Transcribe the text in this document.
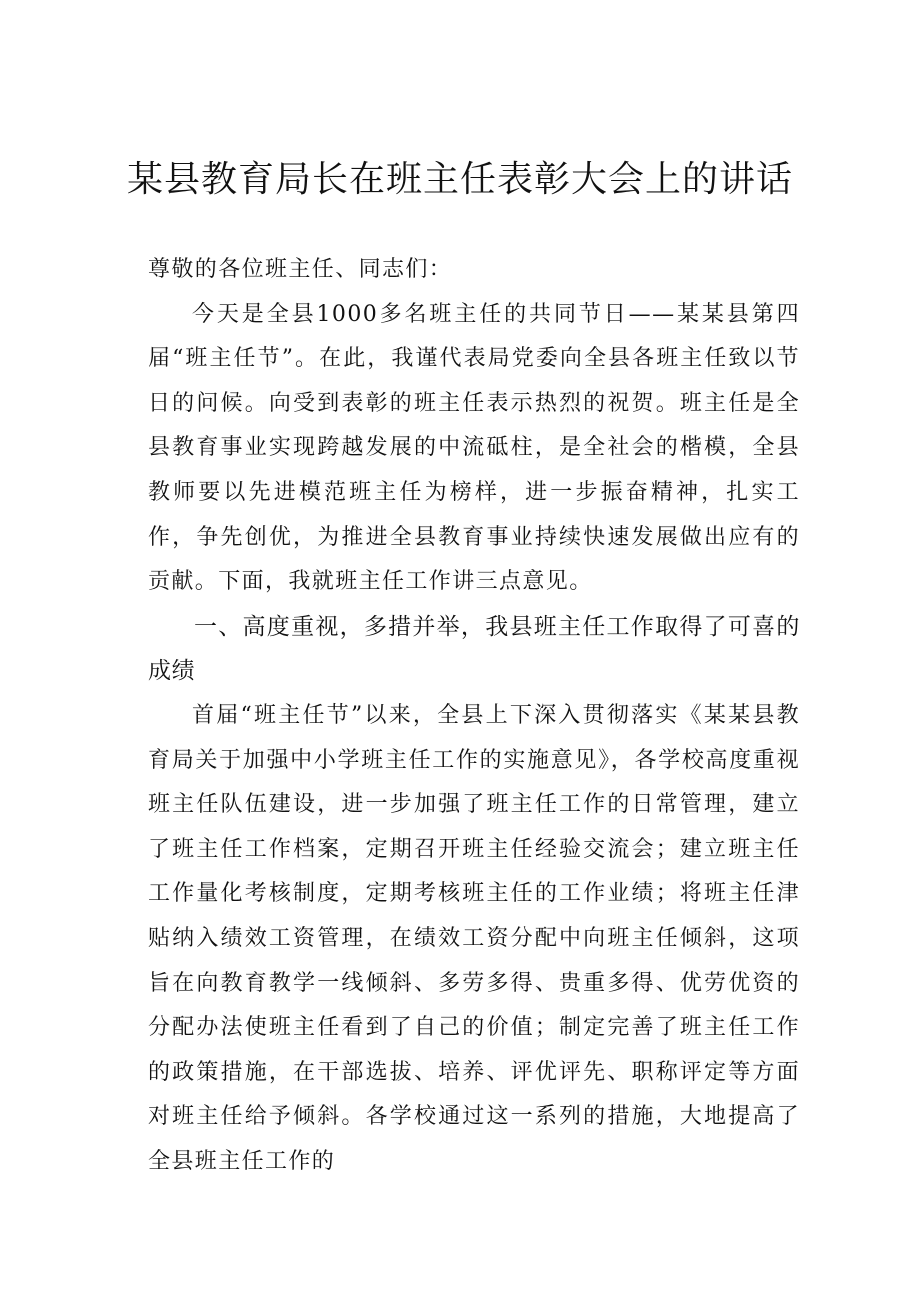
某县教育局长在班主任表彰大会上的讲话

尊敬的各位班主任、同志们：

今天是全县1000多名班主任的共同节日——某某县第四届“班主任节”。在此，我谨代表局党委向全县各班主任致以节日的问候。向受到表彰的班主任表示热烈的祝贺。班主任是全县教育事业实现跨越发展的中流砥柱，是全社会的楷模，全县教师要以先进模范班主任为榜样，进一步振奋精神，扎实工作，争先创优，为推进全县教育事业持续快速发展做出应有的贡献。下面，我就班主任工作讲三点意见。

一、高度重视，多措并举，我县班主任工作取得了可喜的成绩

首届“班主任节”以来，全县上下深入贯彻落实《某某县教育局关于加强中小学班主任工作的实施意见》，各学校高度重视班主任队伍建设，进一步加强了班主任工作的日常管理，建立了班主任工作档案，定期召开班主任经验交流会；建立班主任工作量化考核制度，定期考核班主任的工作业绩；将班主任津贴纳入绩效工资管理，在绩效工资分配中向班主任倾斜，这项旨在向教育教学一线倾斜、多劳多得、贵重多得、优劳优资的分配办法使班主任看到了自己的价值；制定完善了班主任工作的政策措施，在干部选拔、培养、评优评先、职称评定等方面对班主任给予倾斜。各学校通过这一系列的措施，大地提高了全县班主任工作的
